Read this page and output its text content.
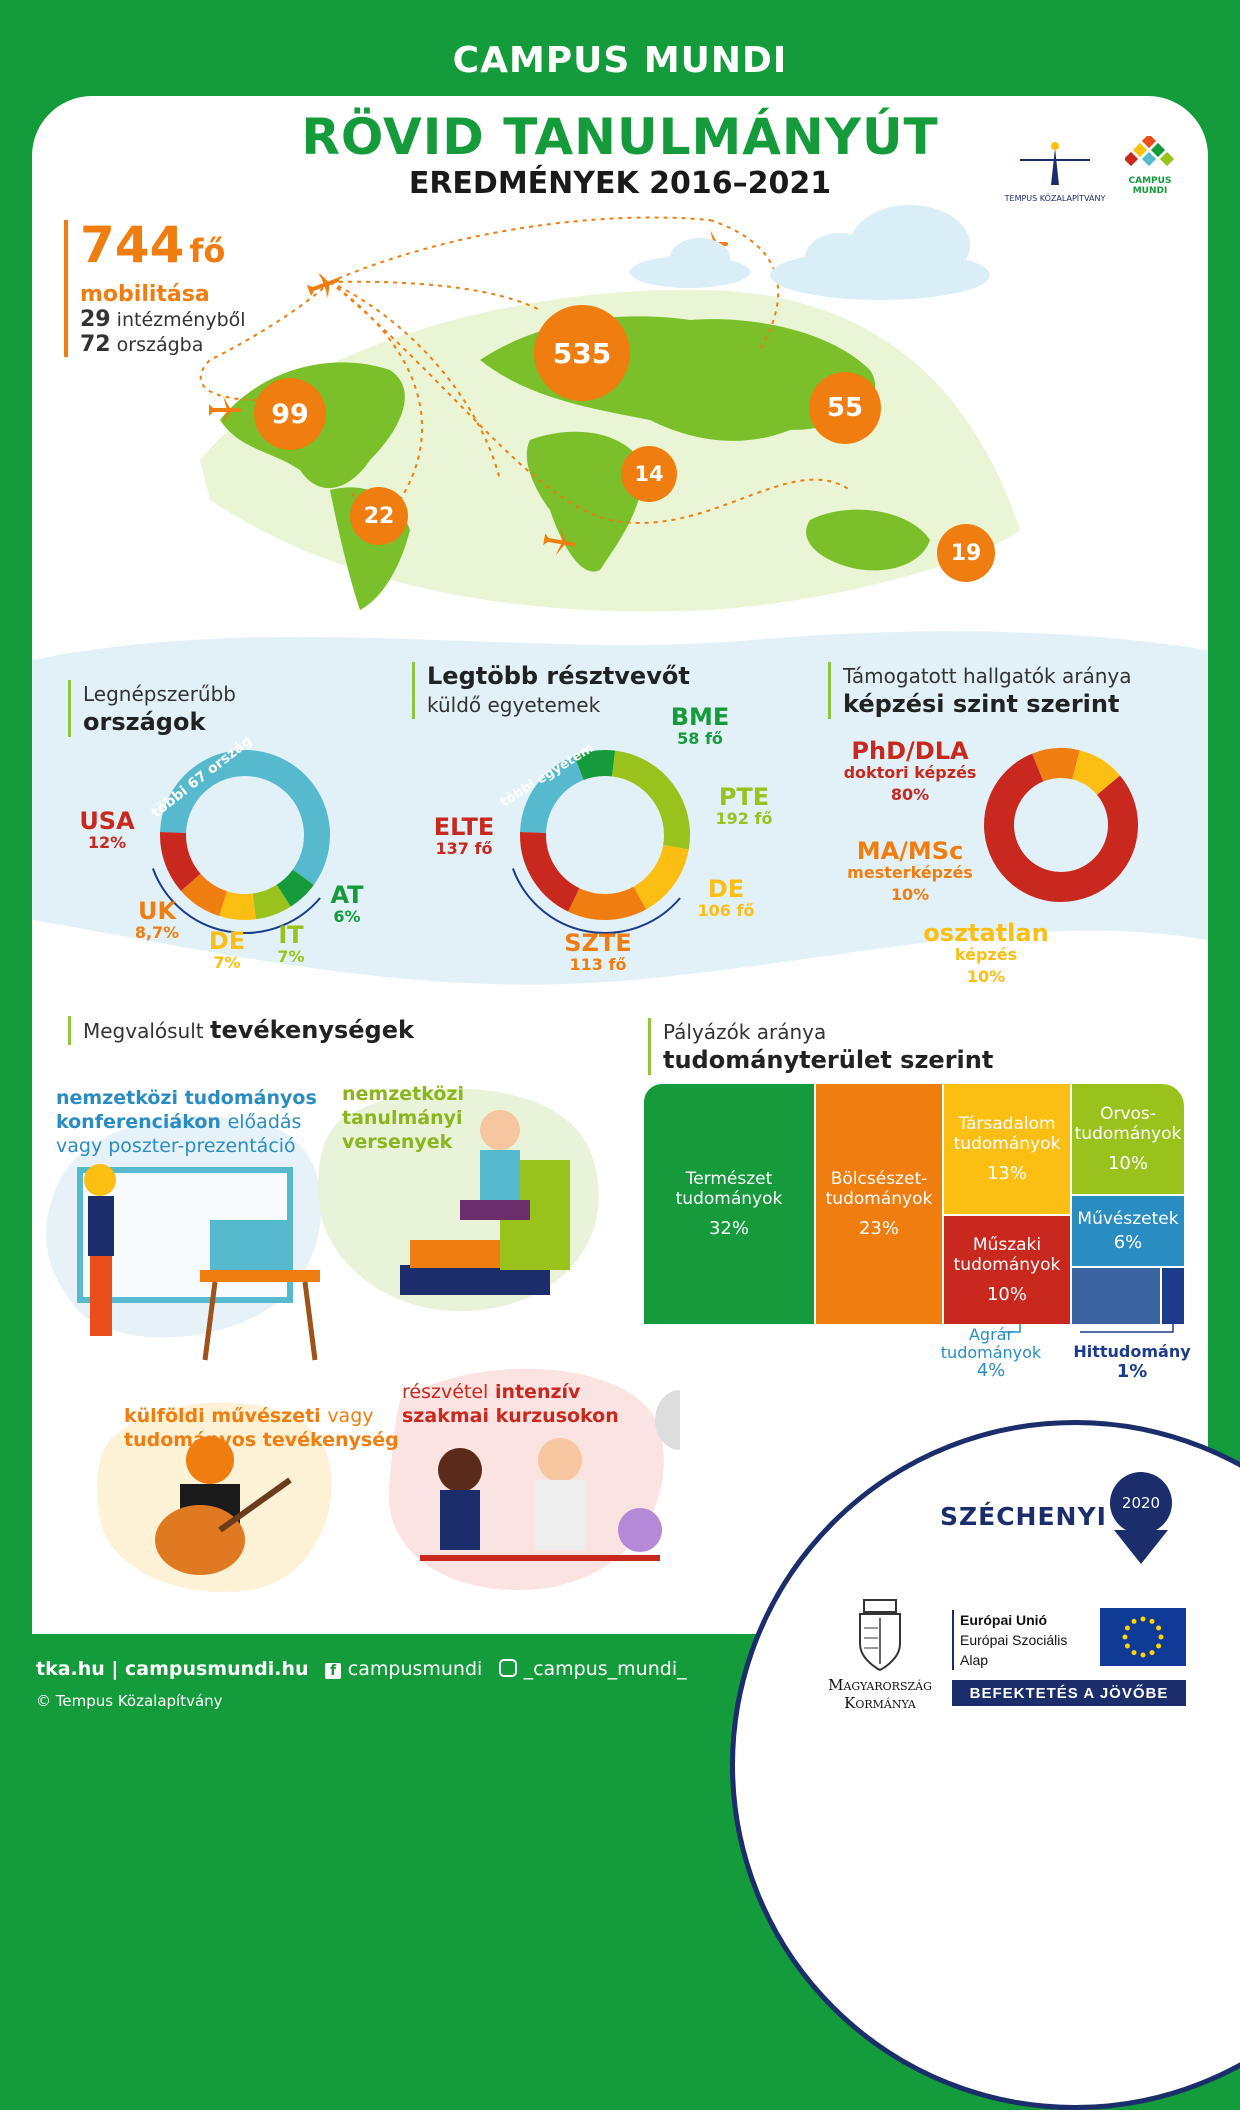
CAMPUS MUNDI
RÖVID TANULMÁNYÚT
EREDMÉNYEK 2016–2021	TEMPUS KÖZALAPÍTVÁNY
CAMPUS MUNDI
744 fő
mobilitása
29 intézményből
72 országba
99
22
535
14
55
19
Legnépszerűbb
országok
többi 67 ország
USA
12%
UK
8,7%	DE
7%
IT
7%
AT
6%
Legtöbb résztvevőt
küldő egyetemek
többi egyetem
BME
58 fő
PTE
192 fő
DE
106 fő
SZTE
113 fő
ELTE
137 fő
Támogatott hallgatók aránya
képzési szint szerint
PhD/DLA
doktori képzés
80%
MA/MSc
mesterképzés
10%
osztatlan
képzés
10%
Megvalósult tevékenységek
nemzetközi tudományos konferenciákon előadás vagy poszter-prezentáció
nemzetközi tanulmányi versenyek
külföldi művészeti vagy tudományos tevékenység
részvétel intenzív szakmai kurzusokon
Pályázók aránya
tudományterület szerint
Természet tudományok
32%
Bölcsészet-tudományok
23%
Társadalom tudományok
13%
Műszaki tudományok
10%
Orvos-tudományok
10%
Művészetek
6%
Agrár tudományok
4%
Hittudomány
1%
SZÉCHENYI	2020
Magyarország
Kormánya
Európai Unió
Európai Szociális
Alap
BEFEKTETÉS A JÖVŐBE
tka.hu | campusmundi.hu f campusmundi _campus_mundi_
© Tempus Közalapítvány
